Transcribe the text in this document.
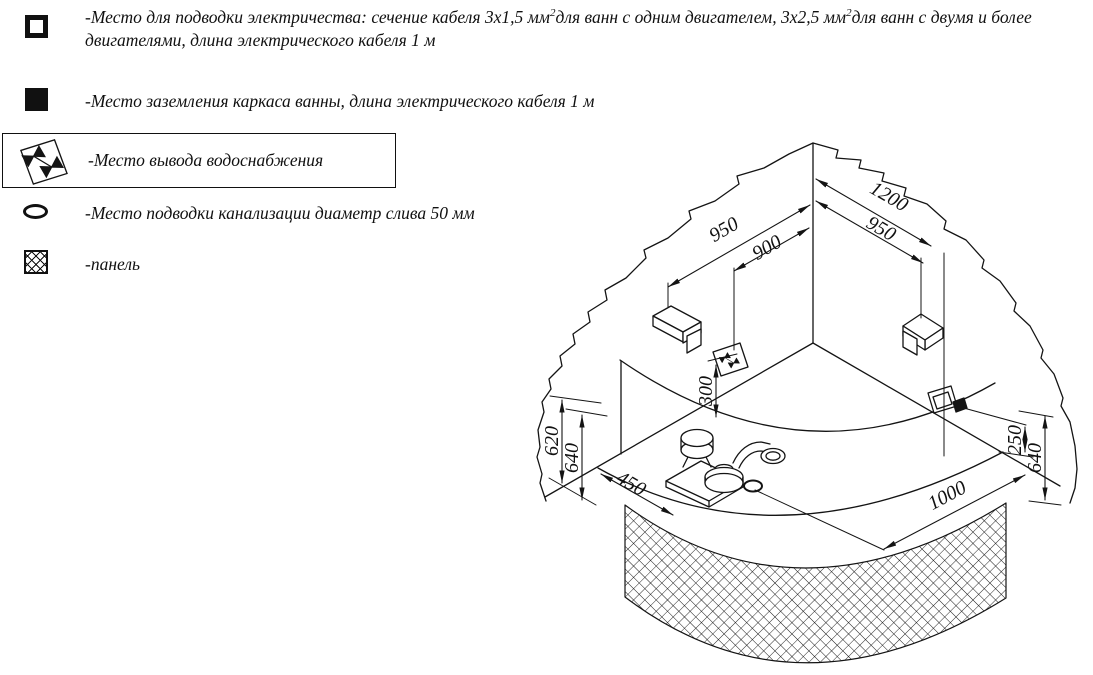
-Место для подводки электричества: сечение кабеля 3х1,5 $мм^2для$ ванн с одним двигателем, 3х2,5 $мм^2для$ ванн с двумя и более двигателями, длина электрического кабеля 1 м
-Место заземления каркаса ванны, длина электрического кабеля 1 м
-Место вывода водоснабжения
-Место подводки канализации диаметр слива 50 мм
-панель
950
900
1200
950
300
620
640
450	1000
250
640
